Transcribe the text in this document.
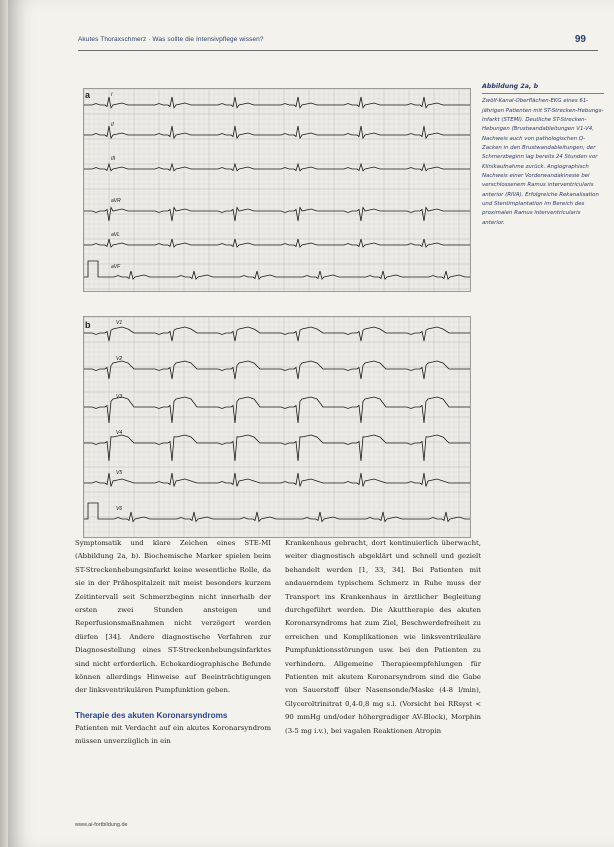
Akutes Thoraxschmerz · Was sollte die Intensivpflege wissen?	99
a
b
I
II
III
aVR
aVL
aVF
V1
V2
V3
V4
V5
V6
Abbildung 2a, b
Zwölf-Kanal-Oberflächen-EKG eines 61-jährigen Patienten mit ST-Strecken-Hebungs-Infarkt (STEMI). Deutliche ST-Strecken-Hebungen (Brustwandableitungen V1-V4, Nachweis auch von pathologischen Q-Zacken in den Brustwandableitungen; der Schmerzbeginn lag bereits 24 Stunden vor Klinikaufnahme zurück. Angiographisch Nachweis einer Vorderwandakinesie bei verschlossenem Ramus interventricularis anterior (RIVA). Erfolgreiche Rekanalisation und Stentimplantation im Bereich des proximalen Ramus interventricularis anterior.

Symptomatik und klare Zeichen eines STE-MI (Abbildung 2a, b). Biochemische Marker spielen beim ST-Streckenhebungsinfarkt keine wesentliche Rolle, da sie in der Prähospitalzeit mit meist besonders kurzem Zeitintervall seit Schmerzbeginn nicht innerhalb der ersten zwei Stunden ansteigen und Reperfusionsmaßnahmen nicht verzögert werden dürfen [34]. Andere diagnostische Verfahren zur Diagnosestellung eines ST-Streckenhebungsinfarktes sind nicht erforderlich. Echokardiographische Befunde können allerdings Hinweise auf Beeinträchtigungen der linksventrikulären Pumpfunktion geben.

Therapie des akuten Koronarsyndroms

Patienten mit Verdacht auf ein akutes Koronarsyndrom müssen unverzüglich in ein

Krankenhaus gebracht, dort kontinuierlich überwacht, weiter diagnostisch abgeklärt und schnell und gezielt behandelt werden [1, 33, 34]. Bei Patienten mit andauerndem typischem Schmerz in Ruhe muss der Transport ins Krankenhaus in ärztlicher Begleitung durchgeführt werden. Die Akuttherapie des akuten Koronarsyndroms hat zum Ziel, Beschwerdefreiheit zu erreichen und Komplikationen wie linksventrikuläre Pumpfunktionsstörungen usw. bei den Patienten zu verhindern. Allgemeine Therapieempfehlungen für Patienten mit akutem Koronarsyndrom sind die Gabe von Sauerstoff über Nasensonde/Maske (4-8 l/min), Glyceroltrinitrat 0,4-0,8 mg s.l. (Vorsicht bei RRsyst < 90 mmHg und/oder höhergradiger AV-Block), Morphin (3-5 mg i.v.), bei vagalen Reaktionen Atropin

www.ai-fortbildung.de
